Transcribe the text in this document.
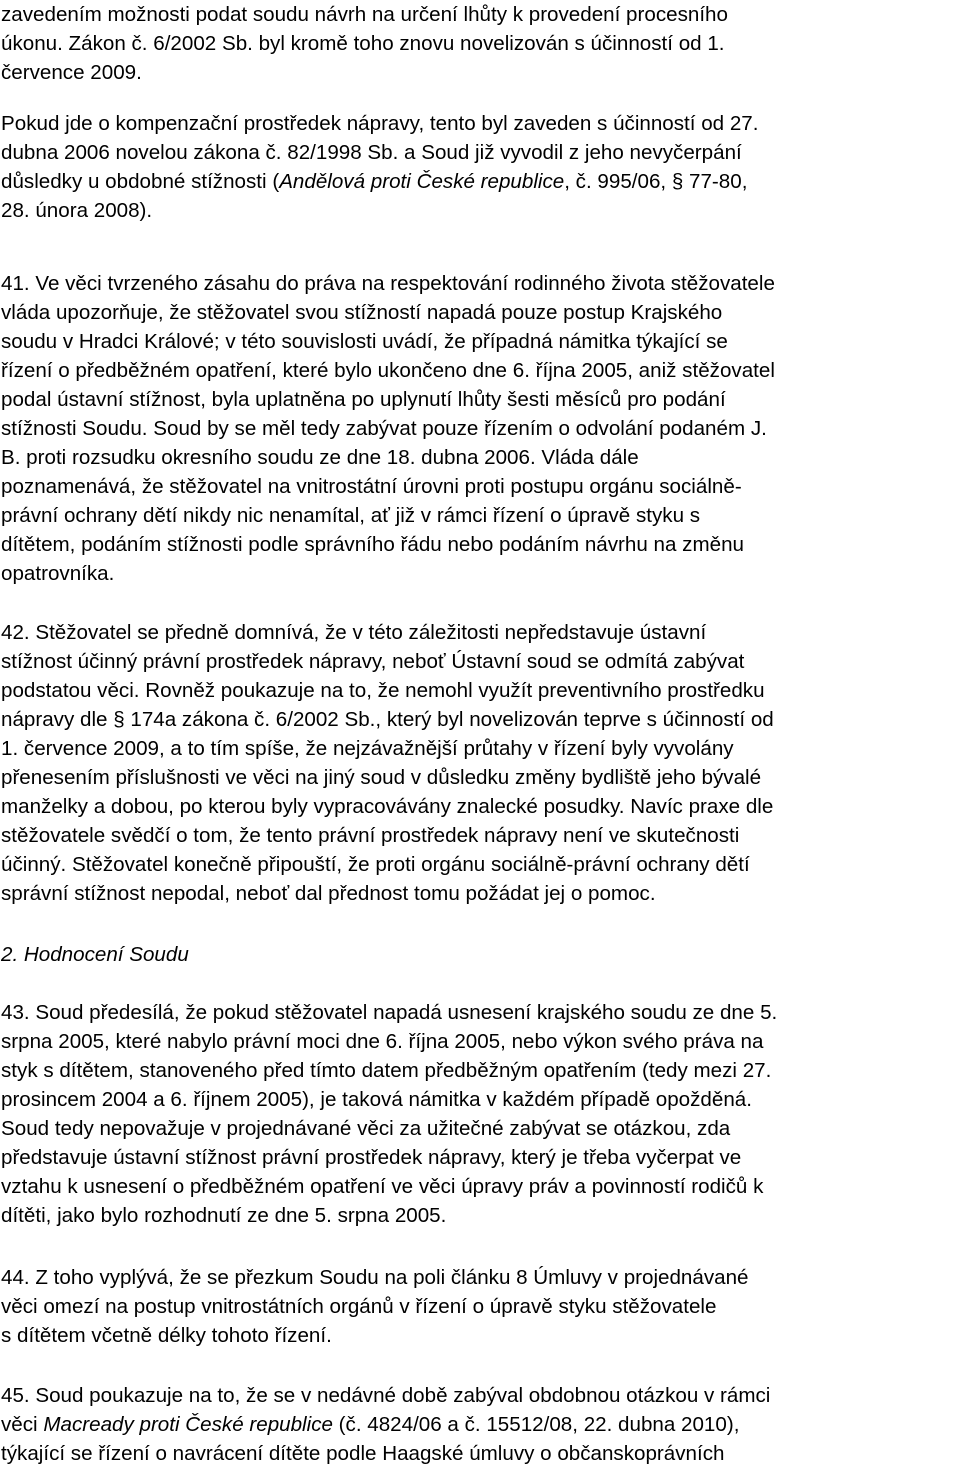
zavedením možnosti podat soudu návrh na určení lhůty k provedení procesního
úkonu. Zákon č. 6/2002 Sb. byl kromě toho znovu novelizován s účinností od 1.
července 2009.
Pokud jde o kompenzační prostředek nápravy, tento byl zaveden s účinností od 27.
dubna 2006 novelou zákona č. 82/1998 Sb. a Soud již vyvodil z jeho nevyčerpání
důsledky u obdobné stížnosti (Andělová proti České republice, č. 995/06, § 77-80,
28. února 2008).
41. Ve věci tvrzeného zásahu do práva na respektování rodinného života stěžovatele
vláda upozorňuje, že stěžovatel svou stížností napadá pouze postup Krajského
soudu v Hradci Králové; v této souvislosti uvádí, že případná námitka týkající se
řízení o předběžném opatření, které bylo ukončeno dne 6. října 2005, aniž stěžovatel
podal ústavní stížnost, byla uplatněna po uplynutí lhůty šesti měsíců pro podání
stížnosti Soudu. Soud by se měl tedy zabývat pouze řízením o odvolání podaném J.
B. proti rozsudku okresního soudu ze dne 18. dubna 2006. Vláda dále
poznamenává, že stěžovatel na vnitrostátní úrovni proti postupu orgánu sociálně-
právní ochrany dětí nikdy nic nenamítal, ať již v rámci řízení o úpravě styku s
dítětem, podáním stížnosti podle správního řádu nebo podáním návrhu na změnu
opatrovníka.
42. Stěžovatel se předně domnívá, že v této záležitosti nepředstavuje ústavní
stížnost účinný právní prostředek nápravy, neboť Ústavní soud se odmítá zabývat
podstatou věci. Rovněž poukazuje na to, že nemohl využít preventivního prostředku
nápravy dle § 174a zákona č. 6/2002 Sb., který byl novelizován teprve s účinností od
1. července 2009, a to tím spíše, že nejzávažnější průtahy v řízení byly vyvolány
přenesením příslušnosti ve věci na jiný soud v důsledku změny bydliště jeho bývalé
manželky a dobou, po kterou byly vypracovávány znalecké posudky. Navíc praxe dle
stěžovatele svědčí o tom, že tento právní prostředek nápravy není ve skutečnosti
účinný. Stěžovatel konečně připouští, že proti orgánu sociálně-právní ochrany dětí
správní stížnost nepodal, neboť dal přednost tomu požádat jej o pomoc.
2. Hodnocení Soudu
43. Soud předesílá, že pokud stěžovatel napadá usnesení krajského soudu ze dne 5.
srpna 2005, které nabylo právní moci dne 6. října 2005, nebo výkon svého práva na
styk s dítětem, stanoveného před tímto datem předběžným opatřením (tedy mezi 27.
prosincem 2004 a 6. říjnem 2005), je taková námitka v každém případě opožděná.
Soud tedy nepovažuje v projednávané věci za užitečné zabývat se otázkou, zda
představuje ústavní stížnost právní prostředek nápravy, který je třeba vyčerpat ve
vztahu k usnesení o předběžném opatření ve věci úpravy práv a povinností rodičů k
dítěti, jako bylo rozhodnutí ze dne 5. srpna 2005.
44. Z toho vyplývá, že se přezkum Soudu na poli článku 8 Úmluvy v projednávané
věci omezí na postup vnitrostátních orgánů v řízení o úpravě styku stěžovatele
s dítětem včetně délky tohoto řízení.
45. Soud poukazuje na to, že se v nedávné době zabýval obdobnou otázkou v rámci
věci Macready proti České republice (č. 4824/06 a č. 15512/08, 22. dubna 2010),
týkající se řízení o navrácení dítěte podle Haagské úmluvy o občanskoprávních
